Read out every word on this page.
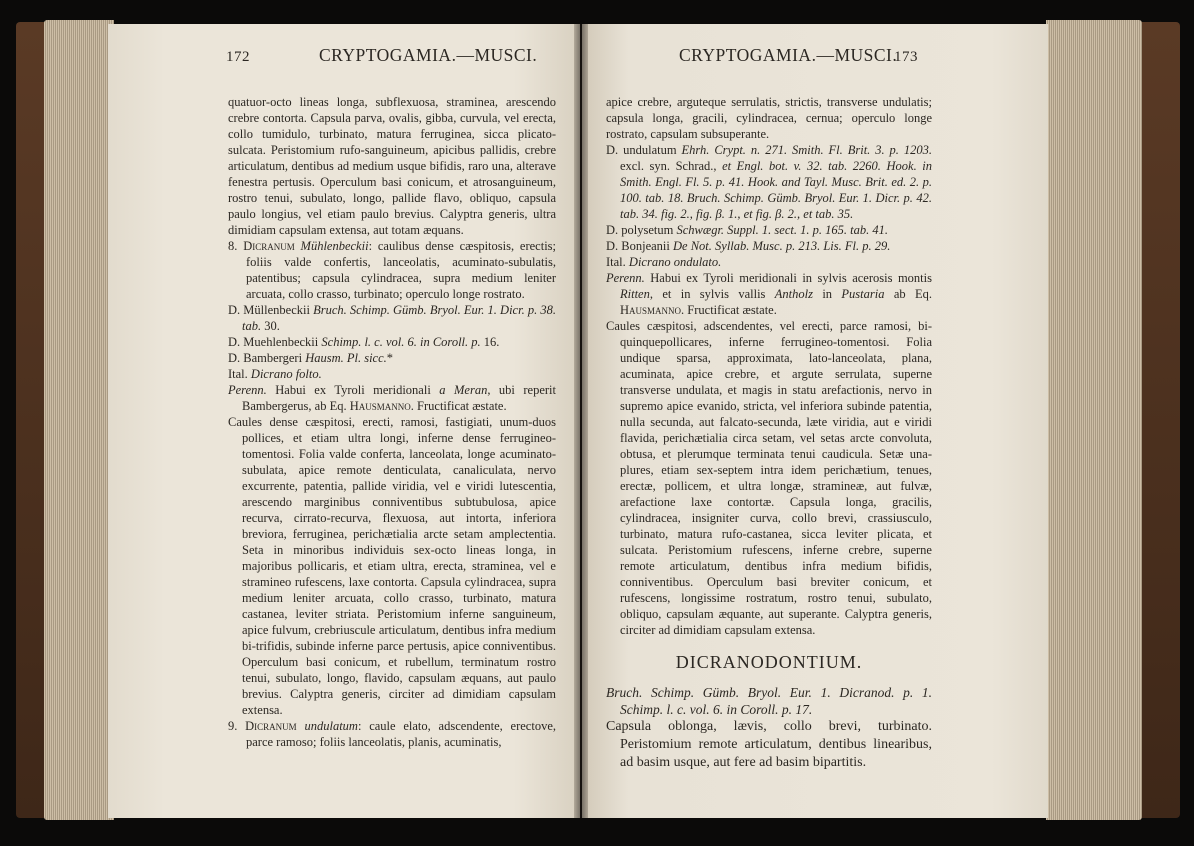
172	CRYPTOGAMIA.—MUSCI.	CRYPTOGAMIA.—MUSCI.
173

quatuor-octo lineas longa, subflexuosa, straminea, arescendo crebre contorta. Capsula parva, ovalis, gibba, curvula, vel erecta, collo tumidulo, turbinato, matura ferruginea, sicca plicato-sulcata. Peristomium rufo-sanguineum, apicibus pallidis, crebre articulatum, dentibus ad medium usque bifidis, raro una, alterave fenestra pertusis. Operculum basi conicum, et atrosanguineum, rostro tenui, subulato, longo, pallide flavo, obliquo, capsula paulo longius, vel etiam paulo brevius. Calyptra generis, ultra dimidiam capsulam extensa, aut totam æquans.

8. Dicranum Mühlenbeckii: caulibus dense cæspitosis, erectis; foliis valde confertis, lanceolatis, acuminato-subulatis, patentibus; capsula cylindracea, supra medium leniter arcuata, collo crasso, turbinato; operculo longe rostrato.

D. Müllenbeckii Bruch. Schimp. Gümb. Bryol. Eur. 1. Dicr. p. 38. tab. 30.

D. Muehlenbeckii Schimp. l. c. vol. 6. in Coroll. p. 16.

D. Bambergeri Hausm. Pl. sicc.*

Ital. Dicrano folto.

Perenn. Habui ex Tyroli meridionali a Meran, ubi reperit Bambergerus, ab Eq. Hausmanno. Fructificat æstate.

Caules dense cæspitosi, erecti, ramosi, fastigiati, unum-duos pollices, et etiam ultra longi, inferne dense ferrugineo-tomentosi. Folia valde conferta, lanceolata, longe acuminato-subulata, apice remote denticulata, canaliculata, nervo excurrente, patentia, pallide viridia, vel e viridi lutescentia, arescendo marginibus conniventibus subtubulosa, apice recurva, cirrato-recurva, flexuosa, aut intorta, inferiora breviora, ferruginea, perichætialia arcte setam amplectentia. Seta in minoribus individuis sex-octo lineas longa, in majoribus pollicaris, et etiam ultra, erecta, straminea, vel e stramineo rufescens, laxe contorta. Capsula cylindracea, supra medium leniter arcuata, collo crasso, turbinato, matura castanea, leviter striata. Peristomium inferne sanguineum, apice fulvum, crebriuscule articulatum, dentibus infra medium bi-trifidis, subinde inferne parce pertusis, apice conniventibus. Operculum basi conicum, et rubellum, terminatum rostro tenui, subulato, longo, flavido, capsulam æquans, aut paulo brevius. Calyptra generis, circiter ad dimidiam capsulam extensa.

9. Dicranum undulatum: caule elato, adscendente, erectove, parce ramoso; foliis lanceolatis, planis, acuminatis,

apice crebre, arguteque serrulatis, strictis, transverse undulatis; capsula longa, gracili, cylindracea, cernua; operculo longe rostrato, capsulam subsuperante.

D. undulatum Ehrh. Crypt. n. 271. Smith. Fl. Brit. 3. p. 1203. excl. syn. Schrad., et Engl. bot. v. 32. tab. 2260. Hook. in Smith. Engl. Fl. 5. p. 41. Hook. and Tayl. Musc. Brit. ed. 2. p. 100. tab. 18. Bruch. Schimp. Gümb. Bryol. Eur. 1. Dicr. p. 42. tab. 34. fig. 2., fig. β. 1., et fig. β. 2., et tab. 35.

D. polysetum Schwægr. Suppl. 1. sect. 1. p. 165. tab. 41.

D. Bonjeanii De Not. Syllab. Musc. p. 213. Lis. Fl. p. 29.

Ital. Dicrano ondulato.

Perenn. Habui ex Tyroli meridionali in sylvis acerosis montis Ritten, et in sylvis vallis Antholz in Pustaria ab Eq. Hausmanno. Fructificat æstate.

Caules cæspitosi, adscendentes, vel erecti, parce ramosi, bi-quinquepollicares, inferne ferrugineo-tomentosi. Folia undique sparsa, approximata, lato-lanceolata, plana, acuminata, apice crebre, et argute serrulata, superne transverse undulata, et magis in statu arefactionis, nervo in supremo apice evanido, stricta, vel inferiora subinde patentia, nulla secunda, aut falcato-secunda, læte viridia, aut e viridi flavida, perichætialia circa setam, vel setas arcte convoluta, obtusa, et plerumque terminata tenui caudicula. Setæ una-plures, etiam sex-septem intra idem perichætium, tenues, erectæ, pollicem, et ultra longæ, stramineæ, aut fulvæ, arefactione laxe contortæ. Capsula longa, gracilis, cylindracea, insigniter curva, collo brevi, crassiusculo, turbinato, matura rufo-castanea, sicca leviter plicata, et sulcata. Peristomium rufescens, inferne crebre, superne remote articulatum, dentibus infra medium bifidis, conniventibus. Operculum basi breviter conicum, et rufescens, longissime rostratum, rostro tenui, subulato, obliquo, capsulam æquante, aut superante. Calyptra generis, circiter ad dimidiam capsulam extensa.

DICRANODONTIUM.

Bruch. Schimp. Gümb. Bryol. Eur. 1. Dicranod. p. 1. Schimp. l. c. vol. 6. in Coroll. p. 17.

Capsula oblonga, lævis, collo brevi, turbinato. Peristomium remote articulatum, dentibus linearibus, ad basim usque, aut fere ad basim bipartitis.
